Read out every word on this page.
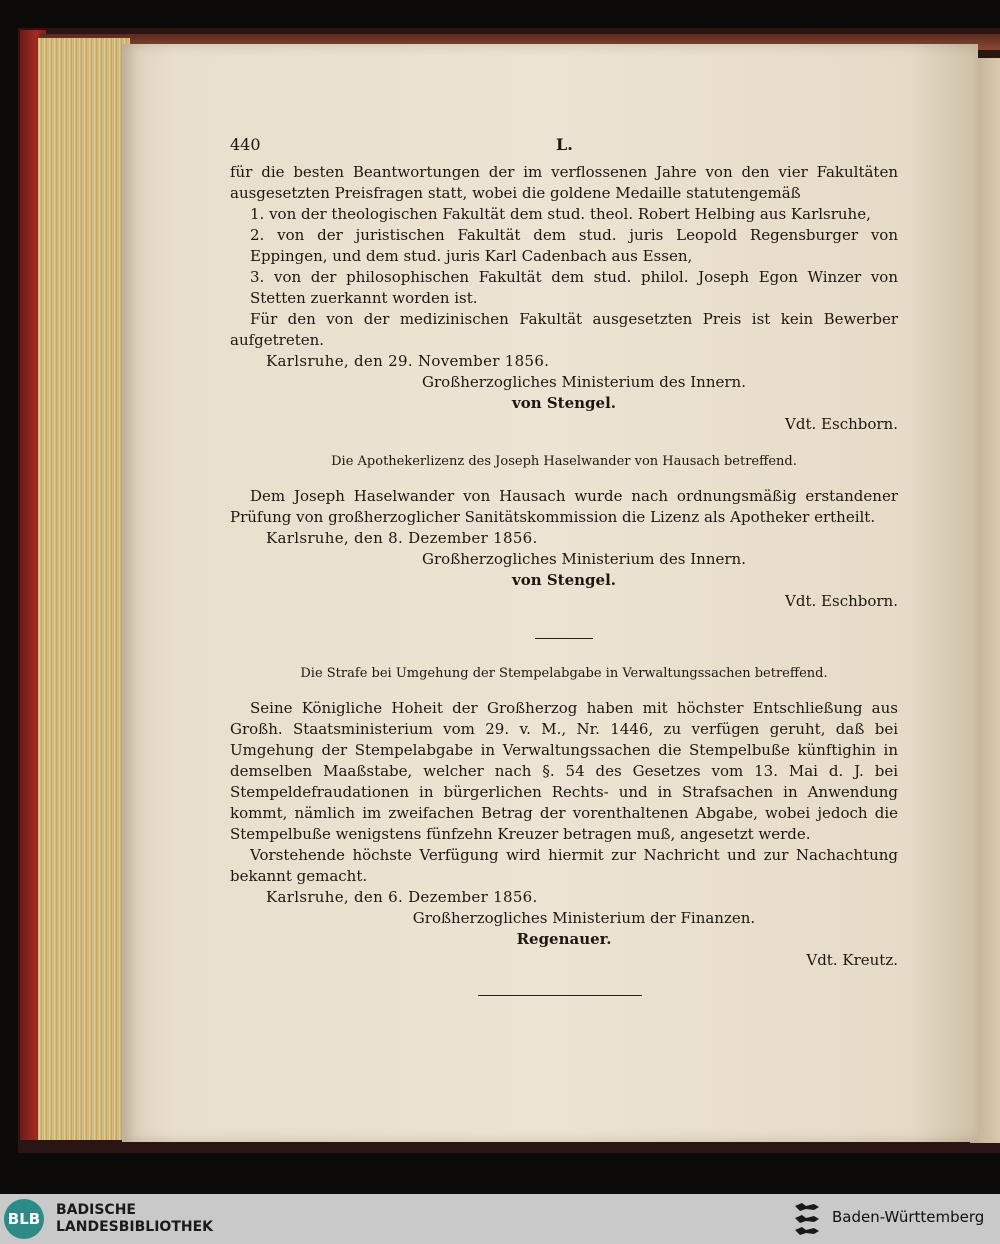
440	L.

für die besten Beantwortungen der im verflossenen Jahre von den vier Fakultäten ausgesetzten Preisfragen statt, wobei die goldene Medaille statutengemäß

1. von der theologischen Fakultät dem stud. theol. Robert Helbing aus Karlsruhe,

2. von der juristischen Fakultät dem stud. juris Leopold Regensburger von Eppingen, und dem stud. juris Karl Cadenbach aus Essen,

3. von der philosophischen Fakultät dem stud. philol. Joseph Egon Winzer von Stetten zuerkannt worden ist.

Für den von der medizinischen Fakultät ausgesetzten Preis ist kein Bewerber aufgetreten.

Karlsruhe, den 29. November 1856.

Großherzogliches Ministerium des Innern.

von Stengel.

Vdt. Eschborn.

Die Apothekerlizenz des Joseph Haselwander von Hausach betreffend.

Dem Joseph Haselwander von Hausach wurde nach ordnungsmäßig erstandener Prüfung von großherzoglicher Sanitätskommission die Lizenz als Apotheker ertheilt.

Karlsruhe, den 8. Dezember 1856.

Großherzogliches Ministerium des Innern.

von Stengel.

Vdt. Eschborn.

Die Strafe bei Umgehung der Stempelabgabe in Verwaltungssachen betreffend.

Seine Königliche Hoheit der Großherzog haben mit höchster Entschließung aus Großh. Staatsministerium vom 29. v. M., Nr. 1446, zu verfügen geruht, daß bei Umgehung der Stempelabgabe in Verwaltungssachen die Stempelbuße künftighin in demselben Maaßstabe, welcher nach §. 54 des Gesetzes vom 13. Mai d. J. bei Stempeldefraudationen in bürgerlichen Rechts- und in Strafsachen in Anwendung kommt, nämlich im zweifachen Betrag der vorenthaltenen Abgabe, wobei jedoch die Stempelbuße wenigstens fünfzehn Kreuzer betragen muß, angesetzt werde.

Vorstehende höchste Verfügung wird hiermit zur Nachricht und zur Nachachtung bekannt gemacht.

Karlsruhe, den 6. Dezember 1856.

Großherzogliches Ministerium der Finanzen.

Regenauer.

Vdt. Kreutz.

BLB BADISCHE
LANDESBIBLIOTHEK
Baden-Württemberg
